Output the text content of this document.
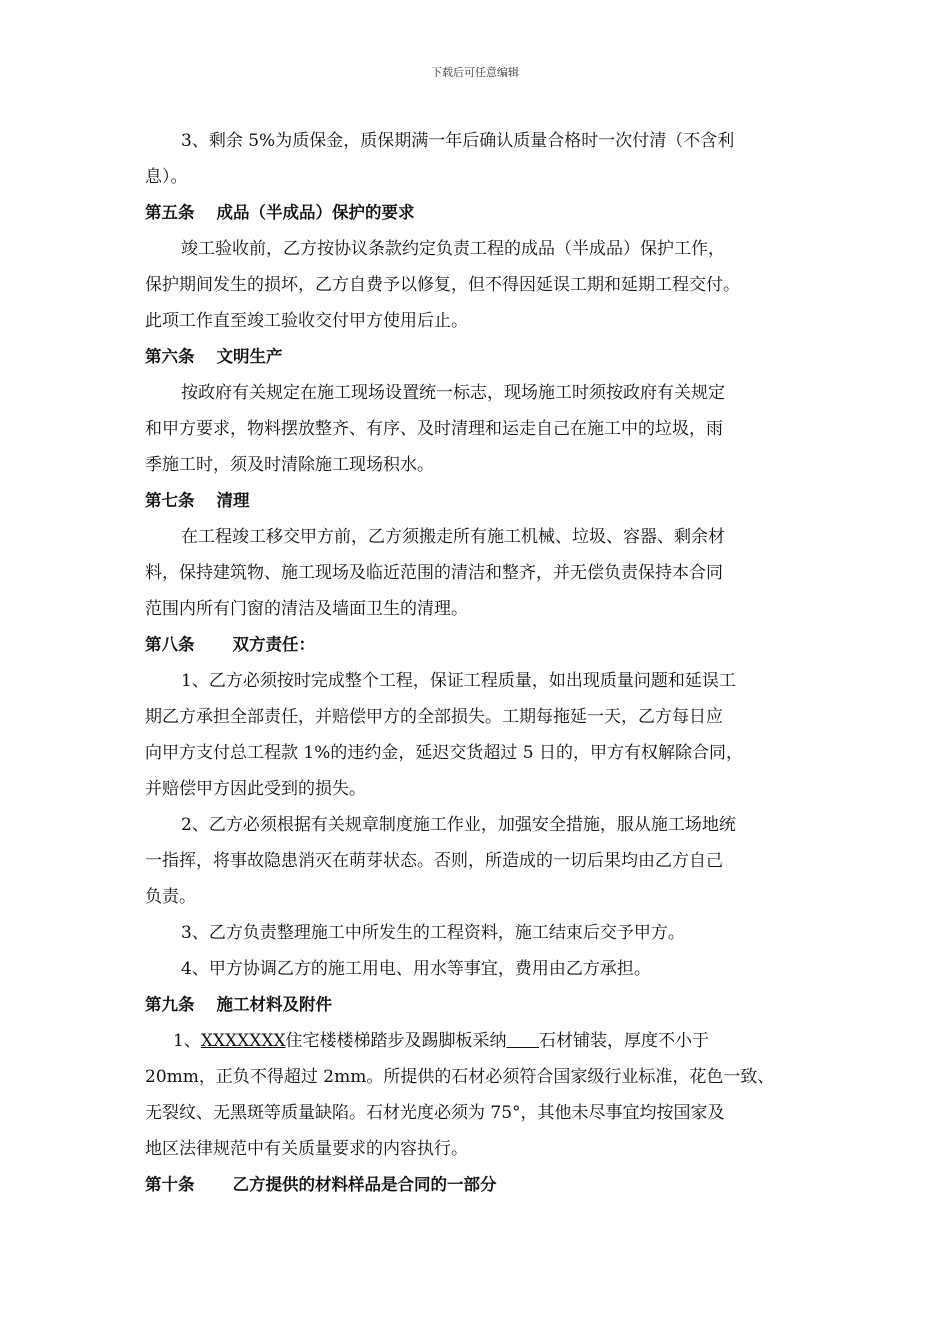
下载后可任意编辑
3、剩余 5%为质保金，质保期满一年后确认质量合格时一次付清（不含利
息）。
第五条 成品（半成品）保护的要求
竣工验收前，乙方按协议条款约定负责工程的成品（半成品）保护工作，
保护期间发生的损坏，乙方自费予以修复，但不得因延误工期和延期工程交付。
此项工作直至竣工验收交付甲方使用后止。
第六条 文明生产
按政府有关规定在施工现场设置统一标志，现场施工时须按政府有关规定
和甲方要求，物料摆放整齐、有序、及时清理和运走自己在施工中的垃圾，雨
季施工时，须及时清除施工现场积水。
第七条 清理
在工程竣工移交甲方前，乙方须搬走所有施工机械、垃圾、容器、剩余材
料，保持建筑物、施工现场及临近范围的清洁和整齐，并无偿负责保持本合同
范围内所有门窗的清洁及墙面卫生的清理。
第八条 双方责任：
1、乙方必须按时完成整个工程，保证工程质量，如出现质量问题和延误工
期乙方承担全部责任，并赔偿甲方的全部损失。工期每拖延一天，乙方每日应
向甲方支付总工程款 1%的违约金，延迟交货超过 5 日的，甲方有权解除合同，
并赔偿甲方因此受到的损失。
2、乙方必须根据有关规章制度施工作业，加强安全措施，服从施工场地统
一指挥，将事故隐患消灭在萌芽状态。否则，所造成的一切后果均由乙方自己
负责。
3、乙方负责整理施工中所发生的工程资料，施工结束后交予甲方。
4、甲方协调乙方的施工用电、用水等事宜，费用由乙方承担。
第九条 施工材料及附件
1、XXXXXXX住宅楼楼梯踏步及踢脚板采纳 石材铺装，厚度不小于
20mm，正负不得超过 2mm。所提供的石材必须符合国家级行业标准，花色一致、
无裂纹、无黑斑等质量缺陷。石材光度必须为 75°，其他未尽事宜均按国家及
地区法律规范中有关质量要求的内容执行。
第十条 乙方提供的材料样品是合同的一部分
